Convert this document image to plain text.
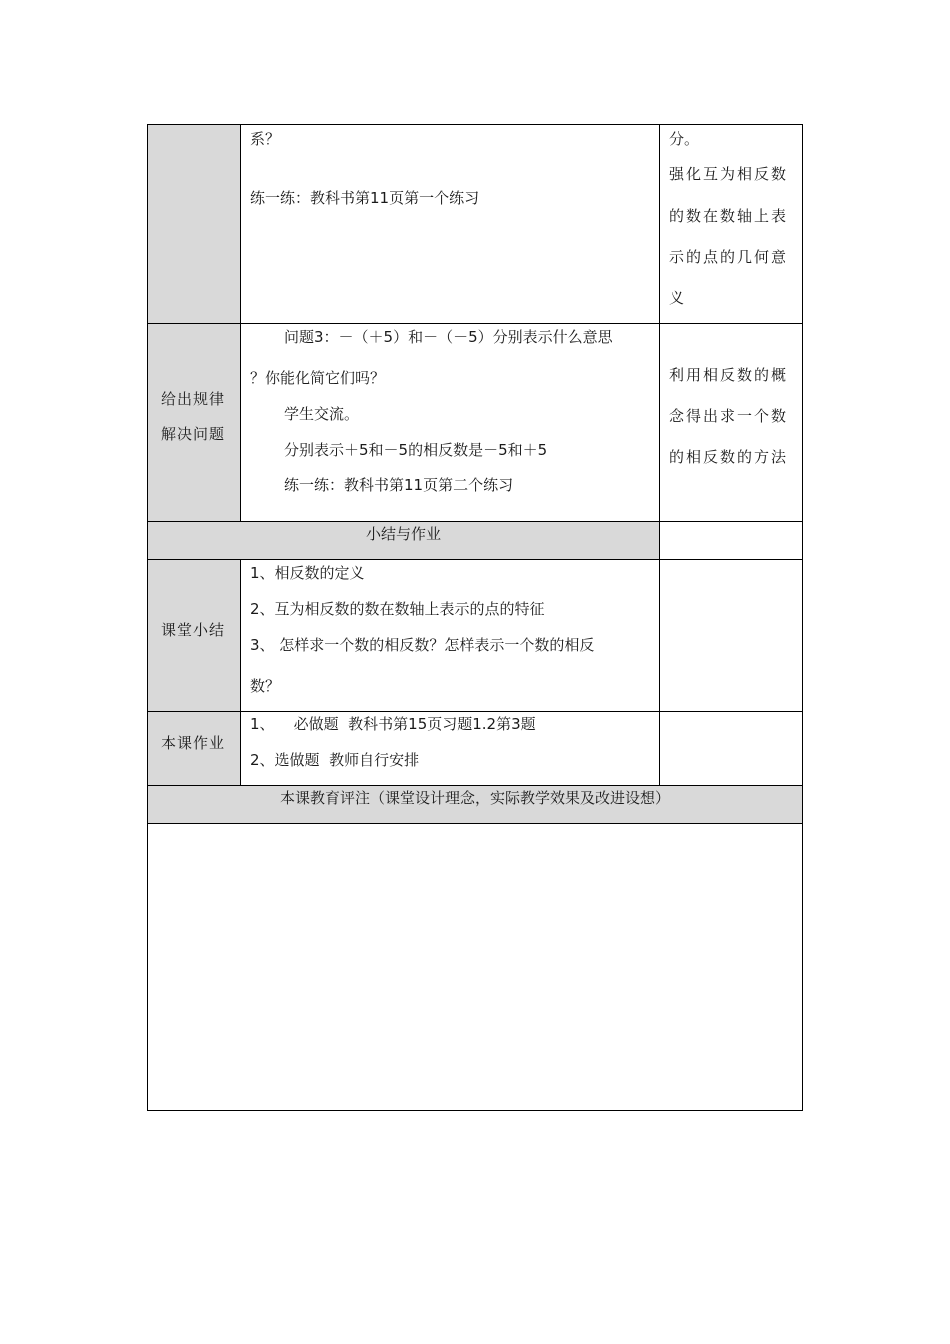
系？
练一练：教科书第11页第一个练习
分。
强化互为相反数
的数在数轴上表
示的点的几何意
义
给出规律
解决问题
问题3：－（＋5）和－（－5）分别表示什么意思
？你能化简它们吗？
学生交流。
分别表示＋5和－5的相反数是－5和＋5
练一练：教科书第11页第二个练习
利用相反数的概
念得出求一个数
的相反数的方法
小结与作业
课堂小结
1、相反数的定义
2、互为相反数的数在数轴上表示的点的特征
3、 怎样求一个数的相反数？怎样表示一个数的相反
数？
本课作业
1、    必做题  教科书第15页习题1.2第3题
2、选做题  教师自行安排
本课教育评注（课堂设计理念，实际教学效果及改进设想）
